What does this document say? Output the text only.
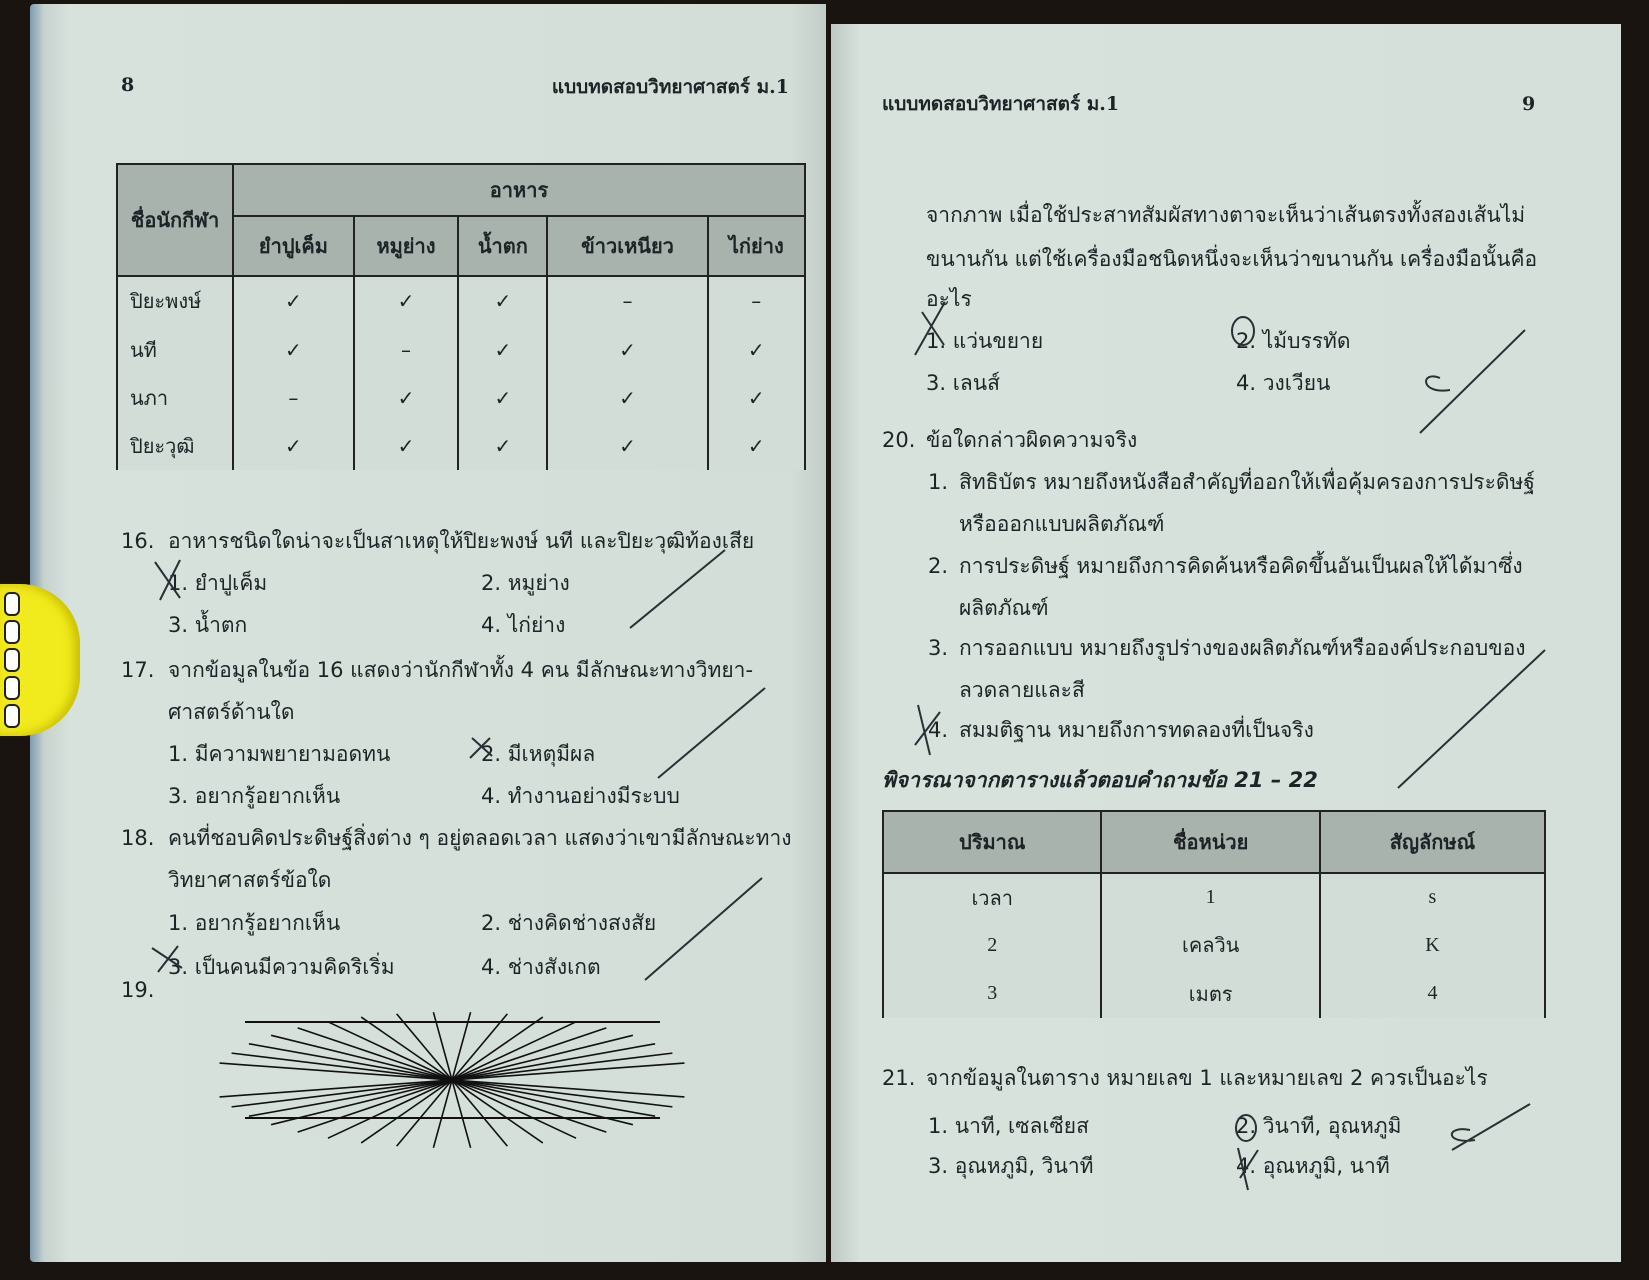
8	แบบทดสอบวิทยาศาสตร์ ม.1
ชื่อนักกีฬา	อาหาร				
	ยำปูเค็ม	หมูย่าง	น้ำตก	ข้าวเหนียว	ไก่ย่าง
ปิยะพงษ์	✓	✓	✓	–	–
นที	✓	–	✓	✓	✓
นภา	–	✓	✓	✓	✓
ปิยะวุฒิ	✓	✓	✓	✓	✓
16. อาหารชนิดใดน่าจะเป็นสาเหตุให้ปิยะพงษ์ นที และปิยะวุฒิท้องเสีย
1. ยำปูเค็ม	2. หมูย่าง
3. น้ำตก	4. ไก่ย่าง
17. จากข้อมูลในข้อ 16 แสดงว่านักกีฬาทั้ง 4 คน มีลักษณะทางวิทยา-
ศาสตร์ด้านใด
1. มีความพยายามอดทน	2. มีเหตุมีผล
3. อยากรู้อยากเห็น	4. ทำงานอย่างมีระบบ
18. คนที่ชอบคิดประดิษฐ์สิ่งต่าง ๆ อยู่ตลอดเวลา แสดงว่าเขามีลักษณะทาง
วิทยาศาสตร์ข้อใด
1. อยากรู้อยากเห็น	2. ช่างคิดช่างสงสัย
3. เป็นคนมีความคิดริเริ่ม	4. ช่างสังเกต
19.
แบบทดสอบวิทยาศาสตร์ ม.1	9
จากภาพ เมื่อใช้ประสาทสัมผัสทางตาจะเห็นว่าเส้นตรงทั้งสองเส้นไม่
ขนานกัน แต่ใช้เครื่องมือชนิดหนึ่งจะเห็นว่าขนานกัน เครื่องมือนั้นคือ
อะไร
1. แว่นขยาย	2. ไม้บรรทัด
3. เลนส์	4. วงเวียน
20. ข้อใดกล่าวผิดความจริง
1. สิทธิบัตร หมายถึงหนังสือสำคัญที่ออกให้เพื่อคุ้มครองการประดิษฐ์
หรือออกแบบผลิตภัณฑ์
2. การประดิษฐ์ หมายถึงการคิดค้นหรือคิดขึ้นอันเป็นผลให้ได้มาซึ่ง
ผลิตภัณฑ์
3. การออกแบบ หมายถึงรูปร่างของผลิตภัณฑ์หรือองค์ประกอบของ
ลวดลายและสี
4. สมมติฐาน หมายถึงการทดลองที่เป็นจริง
21. จากข้อมูลในตาราง หมายเลข 1 และหมายเลข 2 ควรเป็นอะไร
1. นาที, เซลเซียส	2. วินาที, อุณหภูมิ
3. อุณหภูมิ, วินาที	4. อุณหภูมิ, นาที
พิจารณาจากตารางแล้วตอบคำถามข้อ 21 – 22
ปริมาณ	ชื่อหน่วย	สัญลักษณ์
เวลา	1	s
2	เคลวิน	K
3	เมตร	4
